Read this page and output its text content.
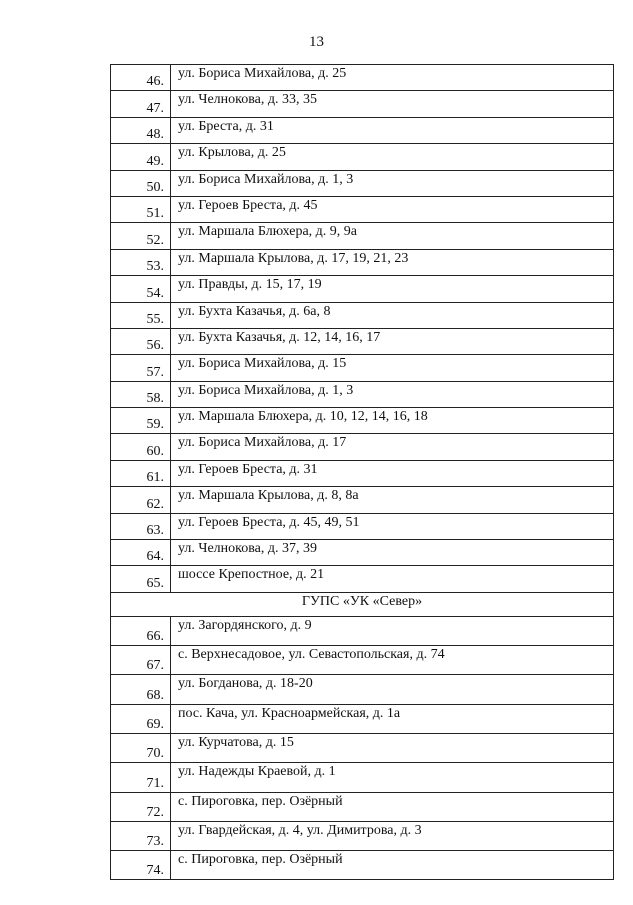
13
46.	ул. Бориса Михайлова, д. 25
47.	ул. Челнокова, д. 33, 35
48.	ул. Бреста, д. 31
49.	ул. Крылова, д. 25
50.	ул. Бориса Михайлова, д. 1, 3
51.	ул. Героев Бреста, д. 45
52.	ул. Маршала Блюхера, д. 9, 9а
53.	ул. Маршала Крылова, д. 17, 19, 21, 23
54.	ул. Правды, д. 15, 17, 19
55.	ул. Бухта Казачья, д. 6а, 8
56.	ул. Бухта Казачья, д. 12, 14, 16, 17
57.	ул. Бориса Михайлова, д. 15
58.	ул. Бориса Михайлова, д. 1, 3
59.	ул. Маршала Блюхера, д. 10, 12, 14, 16, 18
60.	ул. Бориса Михайлова, д. 17
61.	ул. Героев Бреста, д. 31
62.	ул. Маршала Крылова, д. 8, 8а
63.	ул. Героев Бреста, д. 45, 49, 51
64.	ул. Челнокова, д. 37, 39
65.	шоссе Крепостное, д. 21
ГУПС «УК «Север»	
66.	ул. Загордянского, д. 9
67.	с. Верхнесадовое, ул. Севастопольская, д. 74
68.	ул. Богданова, д. 18-20
69.	пос. Кача, ул. Красноармейская, д. 1а
70.	ул. Курчатова, д. 15
71.	ул. Надежды Краевой, д. 1
72.	с. Пироговка, пер. Озёрный
73.	ул. Гвардейская, д. 4, ул. Димитрова, д. 3
74.	с. Пироговка, пер. Озёрный
